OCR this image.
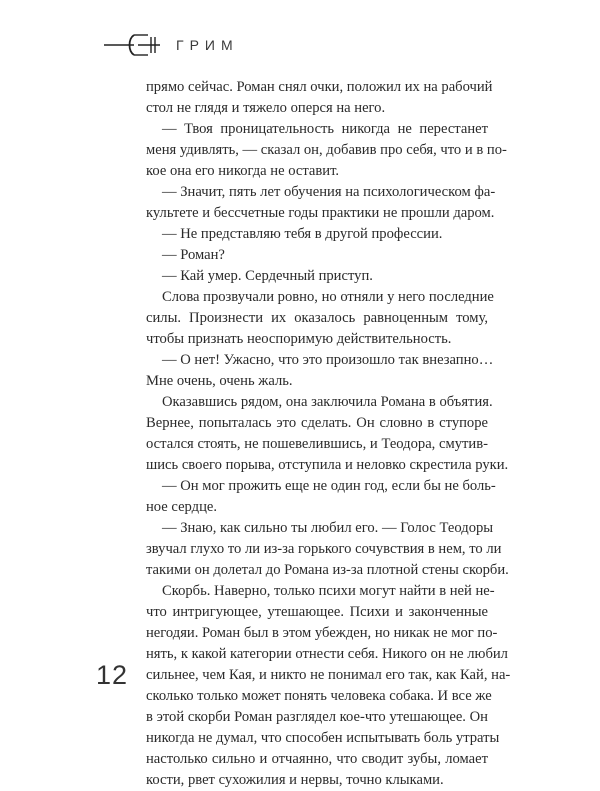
ГРИМ
прямо сейчас. Роман снял очки, положил их на рабочий
стол не глядя и тяжело оперся на него.
— Твоя проницательность никогда не перестанет
меня удивлять, — сказал он, добавив про себя, что и в по-
кое она его никогда не оставит.
— Значит, пять лет обучения на психологическом фа-
культете и бессчетные годы практики не прошли даром.
— Не представляю тебя в другой профессии.
— Роман?
— Кай умер. Сердечный приступ.
Слова прозвучали ровно, но отняли у него последние
силы. Произнести их оказалось равноценным тому,
чтобы признать неоспоримую действительность.
— О нет! Ужасно, что это произошло так внезапно…
Мне очень, очень жаль.
Оказавшись рядом, она заключила Романа в объятия.
Вернее, попыталась это сделать. Он словно в ступоре
остался стоять, не пошевелившись, и Теодора, смутив-
шись своего порыва, отступила и неловко скрестила руки.
— Он мог прожить еще не один год, если бы не боль-
ное сердце.
— Знаю, как сильно ты любил его. — Голос Теодоры
звучал глухо то ли из-за горького сочувствия в нем, то ли
такими он долетал до Романа из-за плотной стены скорби.
Скорбь. Наверно, только психи могут найти в ней не-
что интригующее, утешающее. Психи и законченные
негодяи. Роман был в этом убежден, но никак не мог по-
нять, к какой категории отнести себя. Никого он не любил
сильнее, чем Кая, и никто не понимал его так, как Кай, на-
сколько только может понять человека собака. И все же
в этой скорби Роман разглядел кое-что утешающее. Он
никогда не думал, что способен испытывать боль утраты
настолько сильно и отчаянно, что сводит зубы, ломает
кости, рвет сухожилия и нервы, точно клыками.
12
